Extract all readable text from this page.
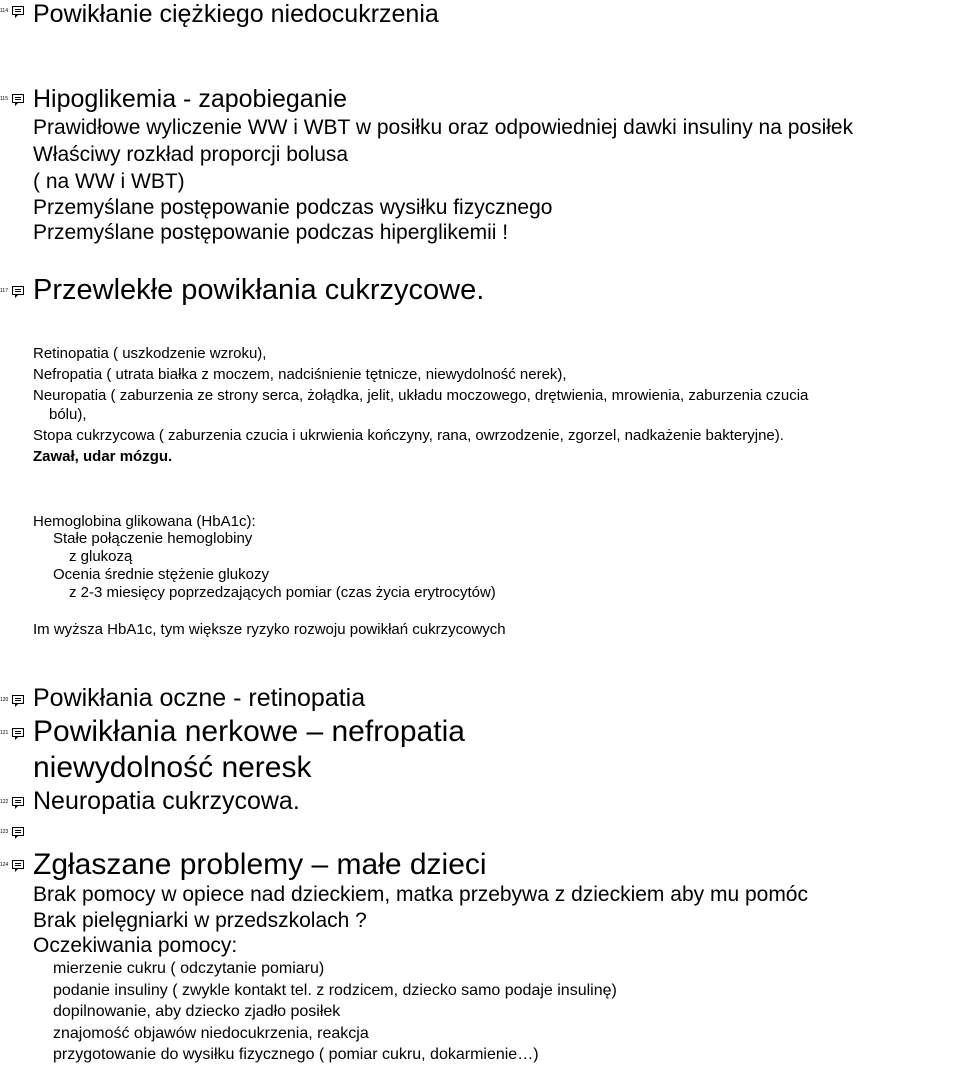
114 Powikłanie ciężkiego niedocukrzenia
115 Hipoglikemia - zapobieganie
Prawidłowe wyliczenie WW i WBT w posiłku oraz odpowiedniej dawki insuliny na posiłek
Właściwy rozkład proporcji bolusa
( na WW i WBT)
Przemyślane postępowanie podczas wysiłku fizycznego
Przemyślane postępowanie podczas hiperglikemii !
117 Przewlekłe powikłania cukrzycowe.
Retinopatia ( uszkodzenie wzroku),
Nefropatia ( utrata białka z moczem, nadciśnienie tętnicze, niewydolność nerek),
Neuropatia ( zaburzenia ze strony serca, żołądka, jelit, układu moczowego, drętwienia, mrowienia, zaburzenia czucia
bólu),
Stopa cukrzycowa ( zaburzenia czucia i ukrwienia kończyny, rana, owrzodzenie, zgorzel, nadkażenie bakteryjne).
Zawał, udar mózgu.
Hemoglobina glikowana (HbA1c):
Stałe połączenie hemoglobiny
z glukozą
Ocenia średnie stężenie glukozy
z 2-3 miesięcy poprzedzających pomiar (czas życia erytrocytów)
Im wyższa HbA1c, tym większe ryzyko rozwoju powikłań cukrzycowych
120 Powikłania oczne - retinopatia
121 Powikłania nerkowe – nefropatia
niewydolność neresk
122 Neuropatia cukrzycowa.
123
124 Zgłaszane problemy – małe dzieci
Brak pomocy w opiece nad dzieckiem, matka przebywa z dzieckiem aby mu pomóc
Brak pielęgniarki w przedszkolach ?
Oczekiwania pomocy:
mierzenie cukru ( odczytanie pomiaru)
podanie insuliny ( zwykle kontakt tel. z rodzicem, dziecko samo podaje insulinę)
dopilnowanie, aby dziecko zjadło posiłek
znajomość objawów niedocukrzenia, reakcja
przygotowanie do wysiłku fizycznego ( pomiar cukru, dokarmienie…)
